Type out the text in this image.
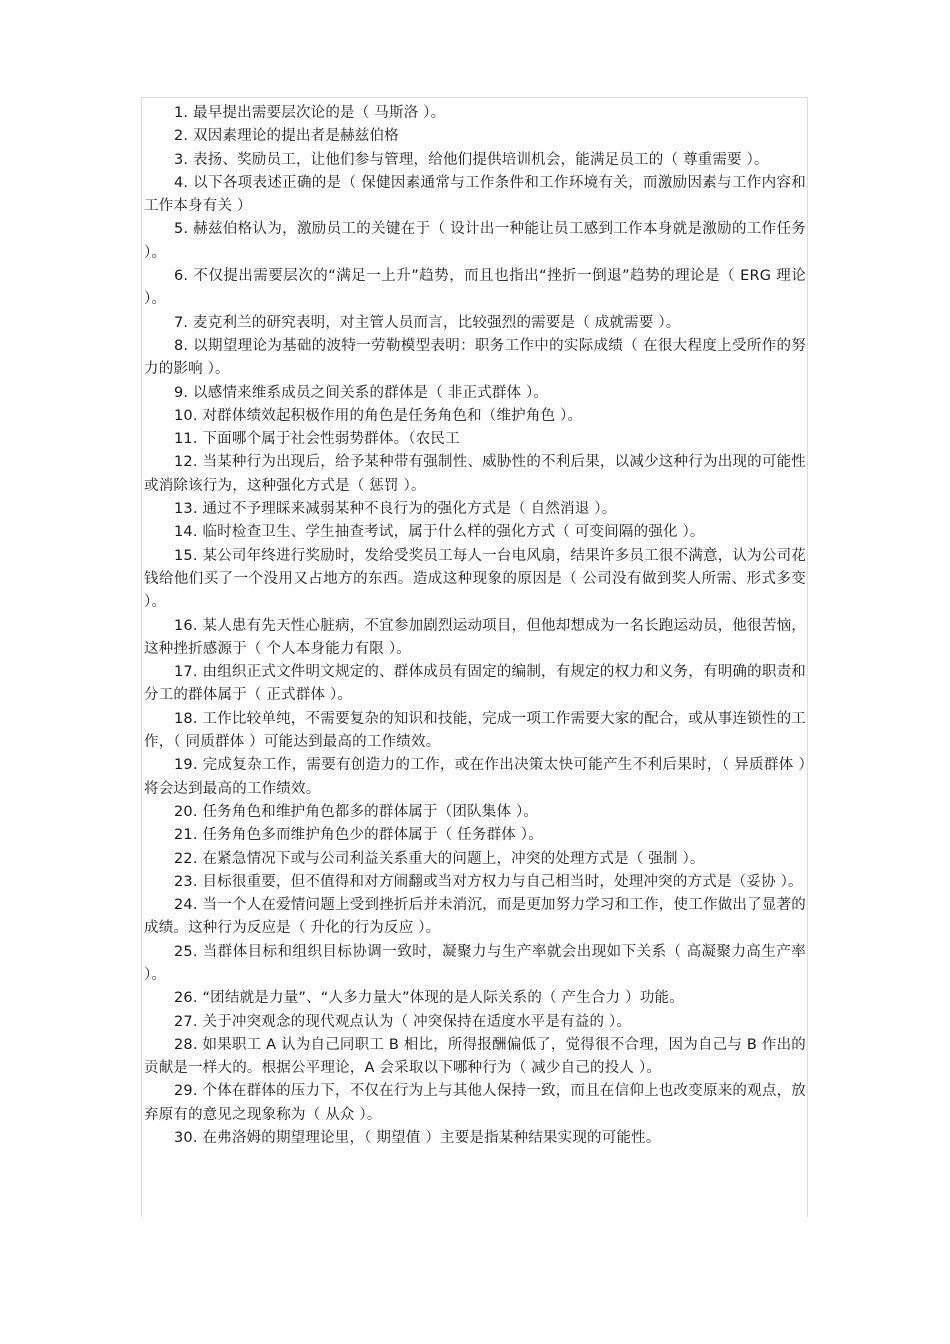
1. 最早提出需要层次论的是（ 马斯洛 ）。

2. 双因素理论的提出者是赫兹伯格

3. 表扬、奖励员工，让他们参与管理，给他们提供培训机会，能满足员工的（ 尊重需要 ）。

4. 以下各项表述正确的是（ 保健因素通常与工作条件和工作环境有关，而激励因素与工作内容和工作本身有关 ）

5. 赫兹伯格认为，激励员工的关键在于（ 设计出一种能让员工感到工作本身就是激励的工作任务 ）。

6. 不仅提出需要层次的“满足一上升”趋势，而且也指出“挫折一倒退”趋势的理论是（ ERG 理论 ）。

7. 麦克利兰的研究表明，对主管人员而言，比较强烈的需要是（ 成就需要 ）。

8. 以期望理论为基础的波特一劳勒模型表明：职务工作中的实际成绩（ 在很大程度上受所作的努力的影响 ）。

9. 以感情来维系成员之间关系的群体是（ 非正式群体 ）。

10. 对群体绩效起积极作用的角色是任务角色和（维护角色 ）。

11. 下面哪个属于社会性弱势群体。（农民工

12. 当某种行为出现后，给予某种带有强制性、威胁性的不利后果，以减少这种行为出现的可能性或消除该行为，这种强化方式是（ 惩罚 ）。

13. 通过不予理睬来减弱某种不良行为的强化方式是（ 自然消退 ）。

14. 临时检查卫生、学生抽查考试，属于什么样的强化方式（ 可变间隔的强化 ）。

15. 某公司年终进行奖励时，发给受奖员工每人一台电风扇，结果许多员工很不满意，认为公司花钱给他们买了一个没用又占地方的东西。造成这种现象的原因是（ 公司没有做到奖人所需、形式多变 ）。

16. 某人患有先天性心脏病，不宜参加剧烈运动项目，但他却想成为一名长跑运动员，他很苦恼，这种挫折感源于（ 个人本身能力有限 ）。

17. 由组织正式文件明文规定的、群体成员有固定的编制，有规定的权力和义务，有明确的职责和分工的群体属于（ 正式群体 ）。

18. 工作比较单纯，不需要复杂的知识和技能，完成一项工作需要大家的配合，或从事连锁性的工作，（ 同质群体 ）可能达到最高的工作绩效。

19. 完成复杂工作，需要有创造力的工作，或在作出决策太快可能产生不利后果时，（ 异质群体 ）将会达到最高的工作绩效。

20. 任务角色和维护角色都多的群体属于（团队集体 ）。

21. 任务角色多而维护角色少的群体属于（ 任务群体 ）。

22. 在紧急情况下或与公司利益关系重大的问题上，冲突的处理方式是（ 强制 ）。

23. 目标很重要，但不值得和对方闹翻或当对方权力与自己相当时，处理冲突的方式是（妥协 ）。

24. 当一个人在爱情问题上受到挫折后并未消沉，而是更加努力学习和工作，使工作做出了显著的成绩。这种行为反应是（ 升化的行为反应 ）。

25. 当群体目标和组织目标协调一致时，凝聚力与生产率就会出现如下关系（ 高凝聚力高生产率 ）。

26. “团结就是力量”、“人多力量大”体现的是人际关系的（ 产生合力 ）功能。

27. 关于冲突观念的现代观点认为（ 冲突保持在适度水平是有益的 ）。

28. 如果职工 A 认为自己同职工 B 相比，所得报酬偏低了，觉得很不合理，因为自己与 B 作出的贡献是一样大的。根据公平理论，A 会采取以下哪种行为（ 减少自己的投人 ）。

29. 个体在群体的压力下，不仅在行为上与其他人保持一致，而且在信仰上也改变原来的观点，放弃原有的意见之现象称为（ 从众 ）。

30. 在弗洛姆的期望理论里，（ 期望值 ）主要是指某种结果实现的可能性。
